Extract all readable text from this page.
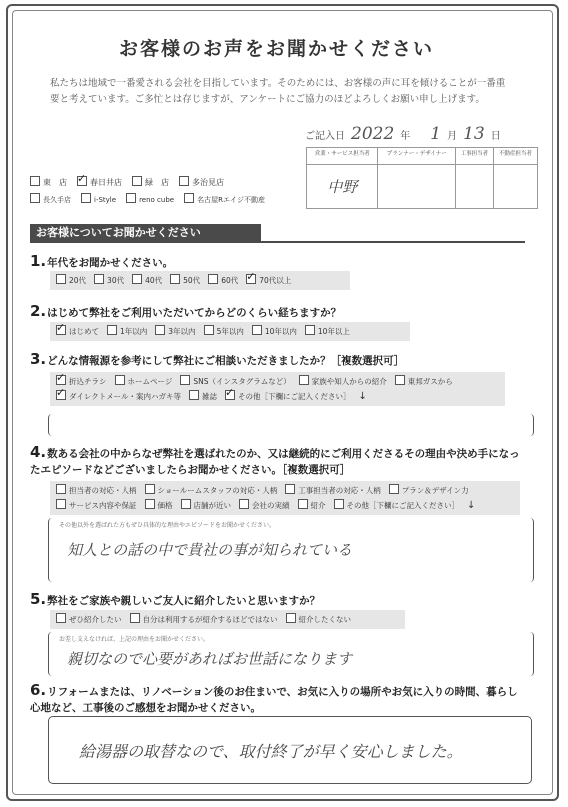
お客様のお声をお聞かせください
私たちは地域で一番愛される会社を目指しています。そのためには、お客様の声に耳を傾けることが一番重要と考えています。ご多忙とは存じますが、アンケートにご協力のほどよろしくお願い申し上げます。
ご記入日 2022 年 1 月 13 日
営業・サービス担当者	プランナー・デザイナー	工事担当者	不動産担当者
中野			
東　店 ✓	春日井店	緑　店	多治見店
長久手店	i-Style	reno cube	名古屋Rエイジ不動産
お客様についてお聞かせください
1.年代をお聞かせください。
20代	30代	40代	50代	60代 ✓	70代以上
2.はじめて弊社をご利用いただいてからどのくらい経ちますか？
✓はじめて	1年以内	3年以内	5年以内	10年以内	10年以上
3.どんな情報源を参考にして弊社にご相談いただきましたか？［複数選択可］
✓折込チラシ	ホームページ	SNS（インスタグラムなど）	家族や知人からの紹介	東邦ガスから
✓ダイレクトメール・案内ハガキ等	雑誌 ✓	その他［下欄にご記入ください］ ↓
4.数ある会社の中からなぜ弊社を選ばれたのか、又は継続的にご利用くださるその理由や決め手になったエピソードなどございましたらお聞かせください。［複数選択可］
担当者の対応・人柄	ショールームスタッフの対応・人柄	工事担当者の対応・人柄	プラン＆デザイン力
サービス内容や保証	価格	店舗が近い	会社の実績	紹介	その他［下欄にご記入ください］ ↓
その他以外を選ばれた方もぜひ具体的な理由やエピソードをお聞かせください。
知人との話の中で貴社の事が知られている
5.弊社をご家族や親しいご友人に紹介したいと思いますか？
ぜひ紹介したい	自分は利用するが紹介するほどではない	紹介したくない
お差し支えなければ、上記の理由をお聞かせください。
親切なので心要があればお世話になります
6.リフォームまたは、リノベーション後のお住まいで、お気に入りの場所やお気に入りの時間、暮らし心地など、工事後のご感想をお聞かせください。
給湯器の取替なので、取付終了が早く安心しました。
